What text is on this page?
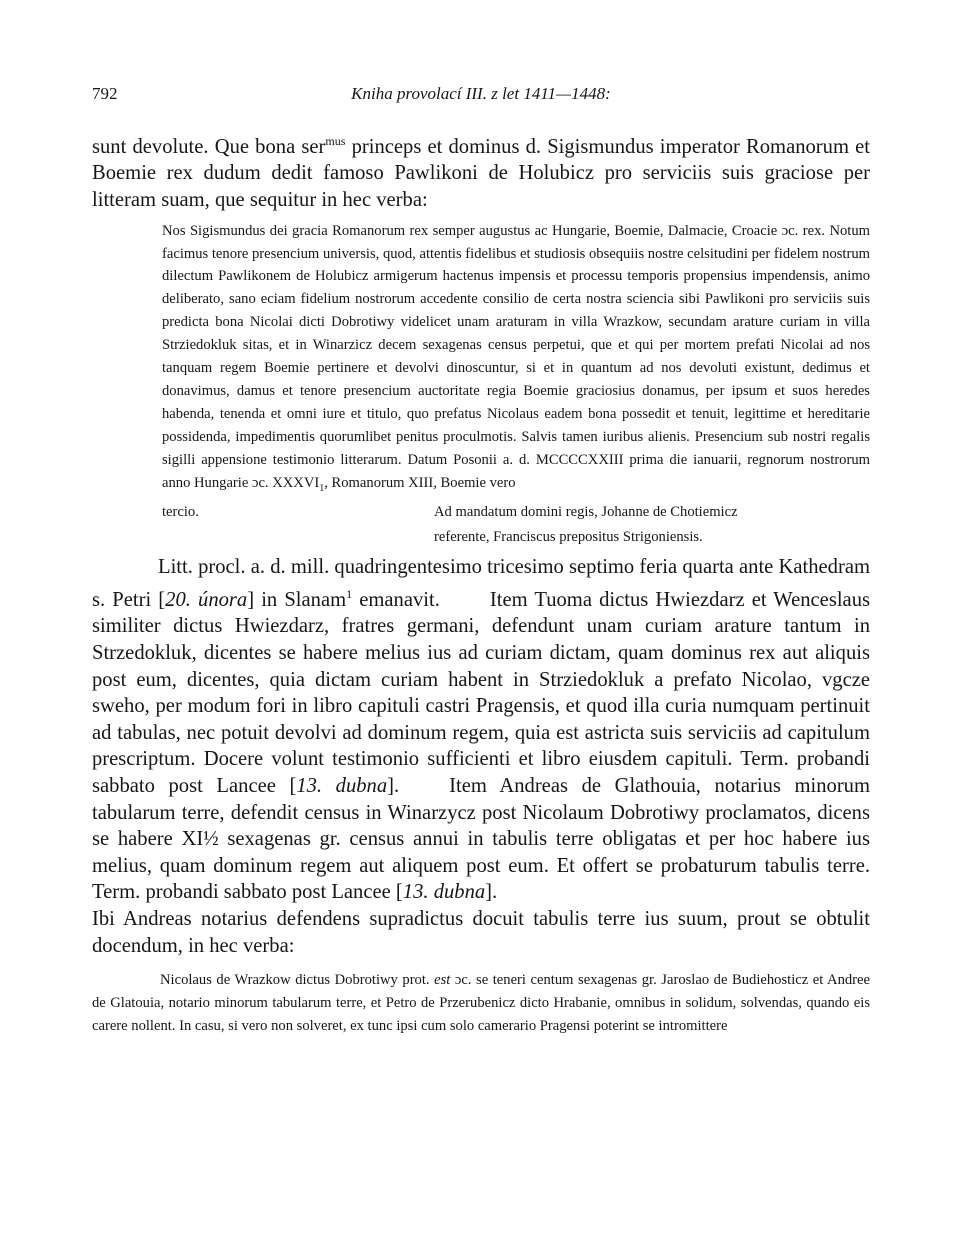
792	Kniha provolací III. z let 1411—1448:

sunt devolute. Que bona ser$^{mus}$ princeps et dominus d. Sigismundus imperator Romanorum et Boemie rex dudum dedit famoso Pawlikoni de Holubicz pro serviciis suis graciose per litteram suam, que sequitur in hec verba:

Nos Sigismundus dei gracia Romanorum rex semper augustus ac Hungarie, Boemie, Dalmacie, Croacie ɔc. rex. Notum facimus tenore presencium universis, quod, attentis fidelibus et studiosis obsequiis nostre celsitudini per fidelem nostrum dilectum Pawlikonem de Holubicz armigerum hactenus impensis et processu temporis propensius impendensis, animo deliberato, sano eciam fidelium nostrorum accedente consilio de certa nostra sciencia sibi Pawlikoni pro serviciis suis predicta bona Nicolai dicti Dobrotiwy videlicet unam araturam in villa Wrazkow, secundam arature curiam in villa Strziedokluk sitas, et in Winarzicz decem sexagenas census perpetui, que et qui per mortem prefati Nicolai ad nos tanquam regem Boemie pertinere et devolvi dinoscuntur, si et in quantum ad nos devoluti existunt, dedimus et donavimus, damus et tenore presencium auctoritate regia Boemie graciosius donamus, per ipsum et suos heredes habenda, tenenda et omni iure et titulo, quo prefatus Nicolaus eadem bona possedit et tenuit, legittime et hereditarie possidenda, impedimentis quorumlibet penitus proculmotis. Salvis tamen iuribus alienis. Presencium sub nostri regalis sigilli appensione testimonio litterarum. Datum Posonii a. d. MCCCCXXIII prima die ianuarii, regnorum nostrorum anno Hungarie ɔc. $XXXVI_1$, Romanorum XIII, Boemie vero
tercio.	Ad mandatum domini regis, Johanne de Chotiemicz
referente, Franciscus prepositus Strigoniensis.

Litt. procl. a. d. mill. quadringentesimo tricesimo septimo feria quarta ante Kathedram s. Petri [20. února] in Slanam$^1$ emanavit. Item Tuoma dictus Hwiezdarz et Wenceslaus similiter dictus Hwiezdarz, fratres germani, defendunt unam curiam arature tantum in Strzedokluk, dicentes se habere melius ius ad curiam dictam, quam dominus rex aut aliquis post eum, dicentes, quia dictam curiam habent in Strziedokluk a prefato Nicolao, vgcze sweho, per modum fori in libro capituli castri Pragensis, et quod illa curia numquam pertinuit ad tabulas, nec potuit devolvi ad dominum regem, quia est astricta suis serviciis ad capitulum prescriptum. Docere volunt testimonio sufficienti et libro eiusdem capituli. Term. probandi sabbato post Lancee [13. dubna]. Item Andreas de Glathouia, notarius minorum tabularum terre, defendit census in Winarzycz post Nicolaum Dobrotiwy proclamatos, dicens se habere XI½ sexagenas gr. census annui in tabulis terre obligatas et per hoc habere ius melius, quam dominum regem aut aliquem post eum. Et offert se probaturum tabulis terre. Term. probandi sabbato post Lancee [13. dubna].

Ibi Andreas notarius defendens supradictus docuit tabulis terre ius suum, prout se obtulit docendum, in hec verba:

Nicolaus de Wrazkow dictus Dobrotiwy prot. est ɔc. se teneri centum sexagenas gr. Jaroslao de Budiehosticz et Andree de Glatouia, notario minorum tabularum terre, et Petro de Przerubenicz dicto Hrabanie, omnibus in solidum, solvendas, quando eis carere nollent. In casu, si vero non solveret, ex tunc ipsi cum solo camerario Pragensi poterint se intromittere
